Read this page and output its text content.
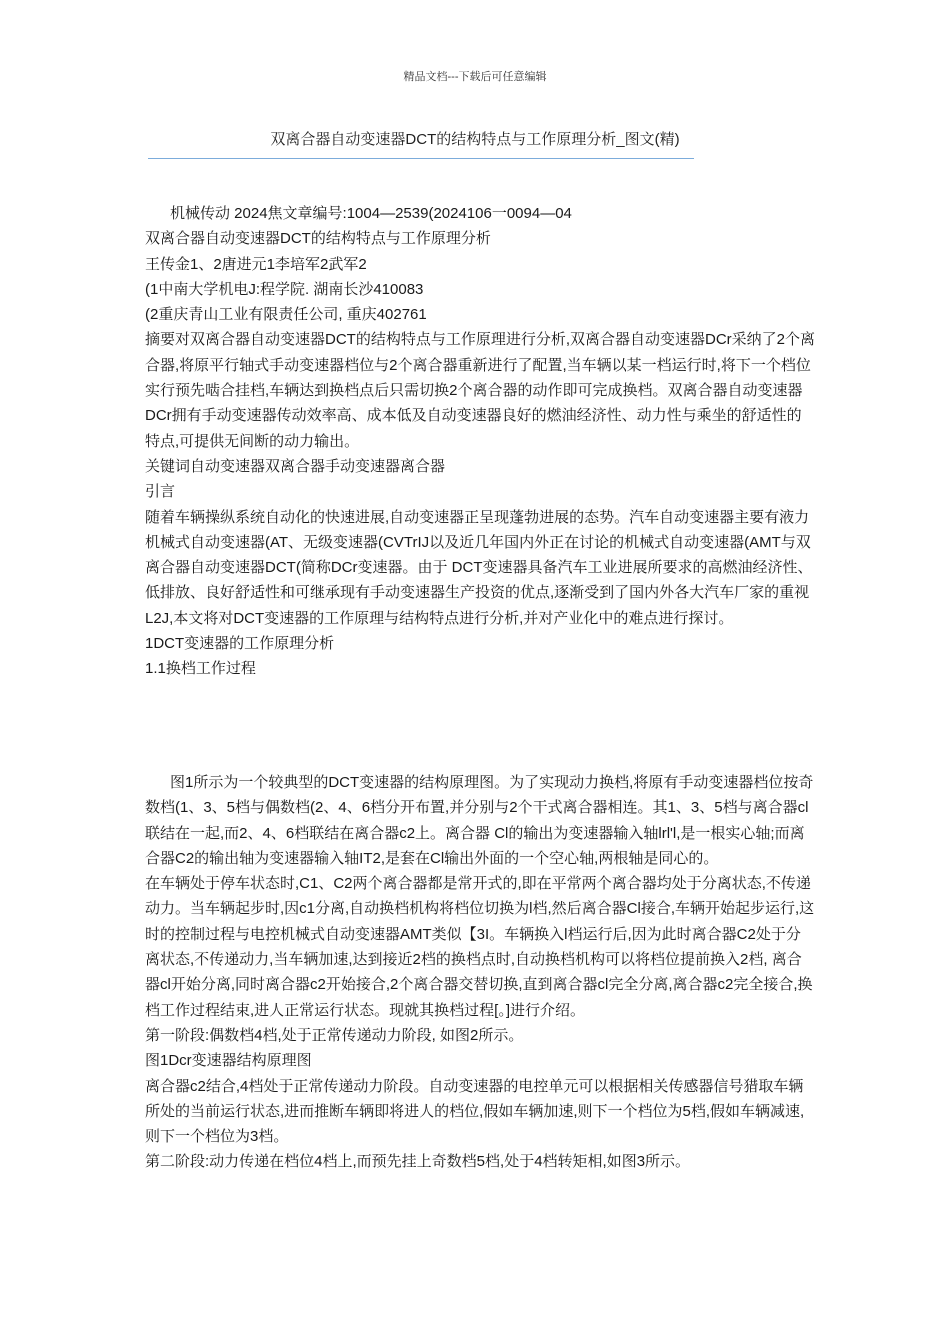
精品文档---下载后可任意编辑
双离合器自动变速器DCT的结构特点与工作原理分析_图文(精)
——————————————————————————————————————————

机械传动 2024焦文章编号:1004—2539(2024106一0094—04

双离合器自动变速器DCT的结构特点与工作原理分析

王传金1、2唐进元1李培军2武军2

(1中南大学机电J:程学院. 湖南长沙410083

(2重庆青山工业有限责任公司, 重庆402761

摘要对双离合器自动变速器DCT的结构特点与工作原理进行分析,双离合器自动变速器DCr采纳了2个离合器,将原平行轴式手动变速器档位与2个离合器重新进行了配置,当车辆以某一档运行时,将下一个档位实行预先啮合挂档,车辆达到换档点后只需切换2个离合器的动作即可完成换档。双离合器自动变速器DCr拥有手动变速器传动效率高、成本低及自动变速器良好的燃油经济性、动力性与乘坐的舒适性的特点,可提供无间断的动力输出。

关键词自动变速器双离合器手动变速器离合器

引言

随着车辆操纵系统自动化的快速进展,自动变速器正呈现蓬勃进展的态势。汽车自动变速器主要有液力机械式自动变速器(AT、无级变速器(CVTrIJ以及近几年国内外正在讨论的机械式自动变速器(AMT与双离合器自动变速器DCT(简称DCr变速器。由于 DCT变速器具备汽车工业进展所要求的高燃油经济性、低排放、良好舒适性和可继承现有手动变速器生产投资的优点,逐渐受到了国内外各大汽车厂家的重视L2J,本文将对DCT变速器的工作原理与结构特点进行分析,并对产业化中的难点进行探讨。

1DCT变速器的工作原理分析

1.1换档工作过程

图1所示为一个较典型的DCT变速器的结构原理图。为了实现动力换档,将原有手动变速器档位按奇数档(1、3、5档与偶数档(2、4、6档分开布置,并分别与2个干式离合器相连。其1、3、5档与离合器cl联结在一起,而2、4、6档联结在离合器c2上。离合器 Cl的输出为变速器输入轴lrl'l,是一根实心轴;而离合器C2的输出轴为变速器输入轴IT2,是套在Cl输出外面的一个空心轴,两根轴是同心的。

在车辆处于停车状态时,C1、C2两个离合器都是常开式的,即在平常两个离合器均处于分离状态,不传递动力。当车辆起步时,因c1分离,自动换档机构将档位切换为l档,然后离合器Cl接合,车辆开始起步运行,这时的控制过程与电控机械式自动变速器AMT类似【3I。车辆换入l档运行后,因为此时离合器C2处于分离状态,不传递动力,当车辆加速,达到接近2档的换档点时,自动换档机构可以将档位提前换入2档, 离合器cl开始分离,同时离合器c2开始接合,2个离合器交替切换,直到离合器cl完全分离,离合器c2完全接合,换档工作过程结束,进人正常运行状态。现就其换档过程[。]进行介绍。

第一阶段:偶数档4档,处于正常传递动力阶段, 如图2所示。

图1Dcr变速器结构原理图

离合器c2结合,4档处于正常传递动力阶段。自动变速器的电控单元可以根据相关传感器信号猎取车辆所处的当前运行状态,进而推断车辆即将进人的档位,假如车辆加速,则下一个档位为5档,假如车辆减速,则下一个档位为3档。

第二阶段:动力传递在档位4档上,而预先挂上奇数档5档,处于4档转矩相,如图3所示。
